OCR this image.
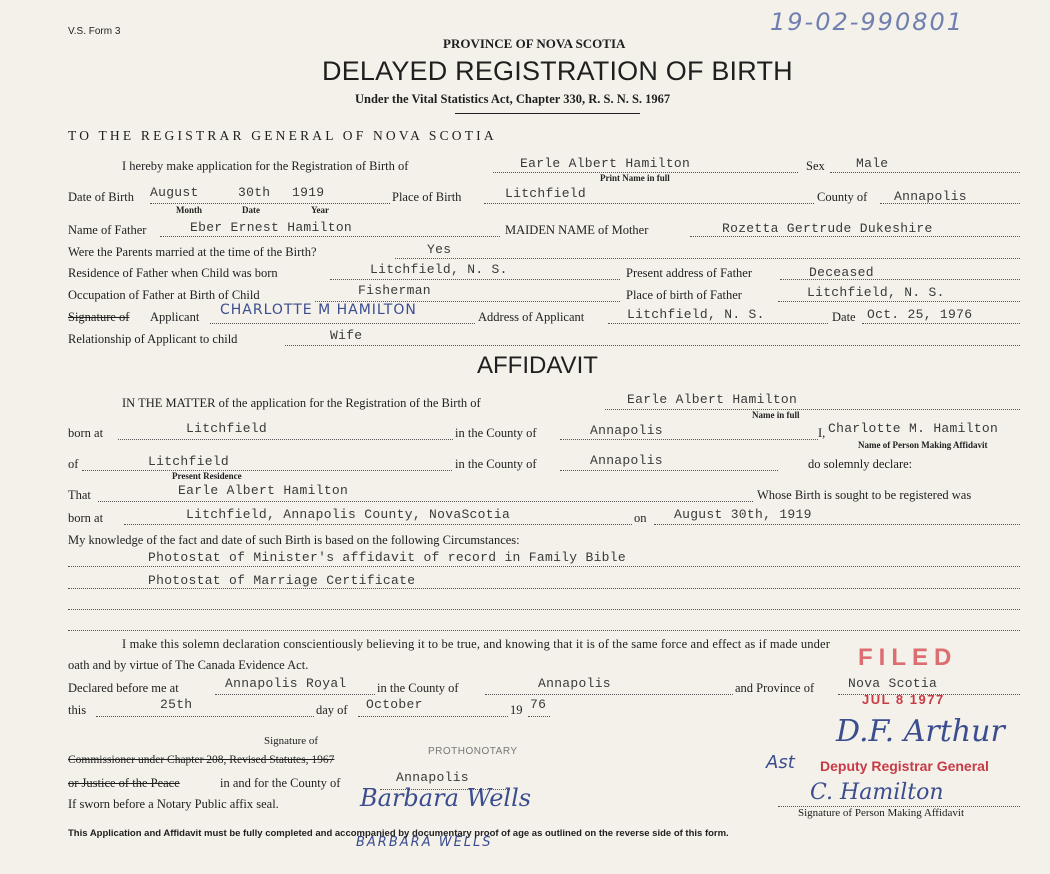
V.S. Form 3	19-02-990801
PROVINCE OF NOVA SCOTIA
DELAYED REGISTRATION OF BIRTH
Under the Vital Statistics Act, Chapter 330, R. S. N. S. 1967
TO THE REGISTRAR GENERAL OF NOVA SCOTIA
I hereby make application for the Registration of Birth of	Earle Albert Hamilton
Print Name in full
Sex Male
Date of Birth August	30th 1919
Month	Date	Year
Place of Birth	Litchfield	County of Annapolis
Name of Father	Eber Ernest Hamilton	MAIDEN NAME of Mother	Rozetta Gertrude Dukeshire
Were the Parents married at the time of the Birth?	Yes
Residence of Father when Child was born	Litchfield, N. S.	Present address of Father	Deceased
Occupation of Father at Birth of Child	Fisherman	Place of birth of Father	Litchfield, N. S.
Signature of Applicant CHARLOTTE M HAMILTON	Address of Applicant	Litchfield, N. S.	Date Oct. 25, 1976
Relationship of Applicant to child	Wife
AFFIDAVIT
IN THE MATTER of the application for the Registration of the Birth of	Earle Albert Hamilton
Name in full
born at	Litchfield	in the County of	Annapolis	I, Charlotte M. Hamilton
Name of Person Making Affidavit
of	Litchfield
Present Residence
in the County of	Annapolis	do solemnly declare:
That	Earle Albert Hamilton	Whose Birth is sought to be registered was
born at	Litchfield, Annapolis County, NovaScotia	on August 30th, 1919
My knowledge of the fact and date of such Birth is based on the following Circumstances:
Photostat of Minister's affidavit of record in Family Bible
Photostat of Marriage Certificate
I make this solemn declaration conscientiously believing it to be true, and knowing that it is of the same force and effect as if made under
oath and by virtue of The Canada Evidence Act.
Declared before me at	Annapolis Royal in the County of	Annapolis	and Province of	Nova Scotia
this	25th	day of October	19 76
Signature of
Commissioner under Chapter 208, Revised Statutes, 1967
PROTHONOTARY
or Justice of the Peace	in and for the County of	Annapolis
If sworn before a Notary Public affix seal.	Barbara Wells
BARBARA WELLS
FILED
JUL 8 1977
D.F. Arthur
Ast Deputy Registrar General
C. Hamilton
Signature of Person Making Affidavit
This Application and Affidavit must be fully completed and accompanied by documentary proof of age as outlined on the reverse side of this form.
